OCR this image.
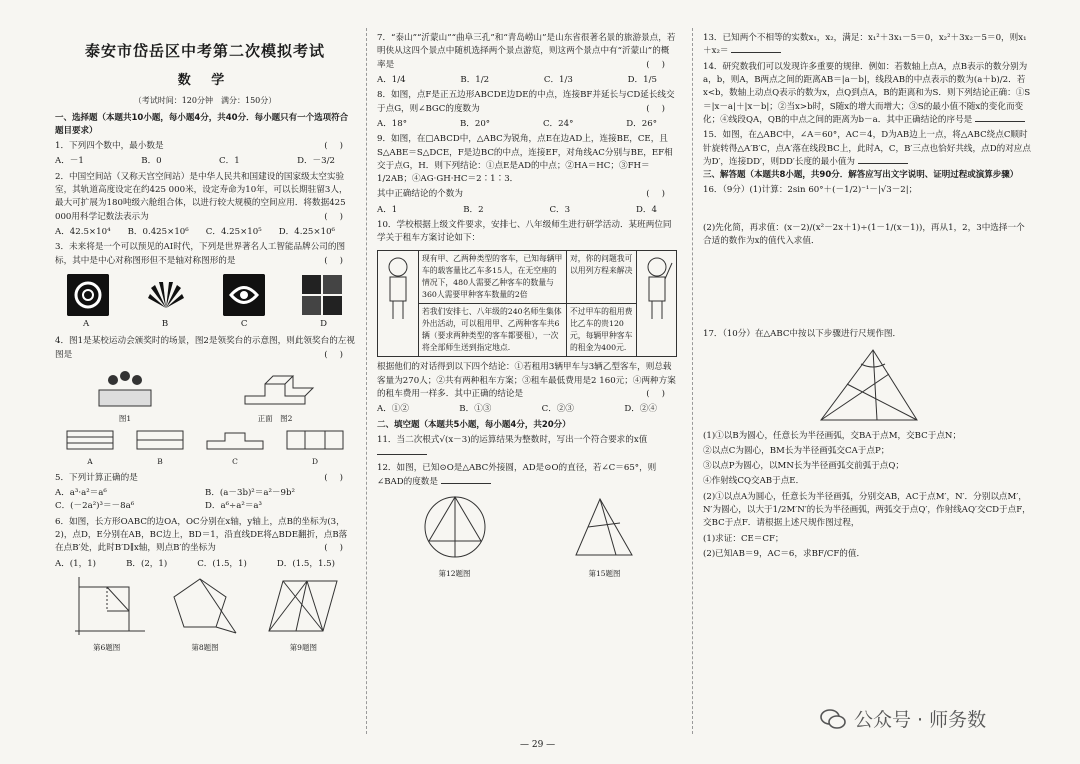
泰安市岱岳区中考第二次模拟考试
数 学
（考试时间：120分钟　满分：150分）
一、选择题（本题共10小题，每小题4分，共40分．每小题只有一个选项符合题目要求）
()
1．下列四个数中，最小数是
A．－1	B．0	C．1	D．－3/2
2．中国空间站（又称天宫空间站）是中华人民共和国建设的国家级太空实验室，其轨道高度设定在约425 000米，设定寿命为10年，可以长期驻留3人，最大可扩展为180吨级六舱组合体，以进行较大规模的空间应用．将数据425 000用科学记数法表示为	()
A．42.5×10⁴ B．0.425×10⁶ C．4.25×10⁵ D．4.25×10⁶
3．未来将是一个可以预见的AI时代，下列是世界著名人工智能品牌公司的图标，其中是中心对称图形但不是轴对称图形的是	()
A	B	C	D
4．图1是某校运动会颁奖时的场景，图2是领奖台的示意图，则此领奖台的左视图是	()
图1	正面　 图2
A	B	C	D
5．下列计算正确的是	()
A．a³·a²＝a⁶	B．(a－3b)²＝a²－9b²
C．(－2a²)³＝－8a⁶	D．a⁶÷a²＝a³
6．如图，长方形OABC的边OA，OC分别在x轴，y轴上，点B的坐标为(3，2)，点D，E分别在AB，BC边上，BD＝1，沿直线DE将△BDE翻折，点B落在点B′处，此时B′D∥x轴，则点B′的坐标为	()
A．(1，1)	B．(2，1)	C．(1.5，1)	D．(1.5，1.5)
第6题图	第8题图	第9题图
7．“泰山”“沂蒙山”“曲阜三孔”和“青岛崂山”是山东省很著名景的旅游景点，若明侠从这四个景点中随机选择两个景点游览，则这两个景点中有“沂蒙山”的概率是	()
A．1/4	B．1/2	C．1/3	D．1/5
8．如图，点F是正五边形ABCDE边DE的中点，连接BF并延长与CD延长线交于点G，则∠BGC的度数为	()
A．18°	B．20°	C．24°	D．26°
9．如图，在□ABCD中，△ABC为锐角，点E在边AD上，连接BE，CE，且S△ABE＝S△DCE，F是边BC的中点，连接EF，对角线AC分别与BE，EF相交于点G，H．则下列结论：①点E是AD的中点；②HA＝HC；③FH＝1/2AB；④AG·GH·HC＝2∶1∶3．
其中正确结论的个数为	()
A．1	B．2	C．3	D．4
10．学校根据上级文件要求，安排七、八年级师生进行研学活动．某班两位同学关于租车方案讨论如下：
现有甲、乙两种类型的客车，已知每辆甲车的载客量比乙车多15人，在无空座的情况下，480人需要乙种客车的数量与360人需要甲种客车数量的2倍
对，你的问题我可以用列方程来解决
若我们安排七、八年级的240名师生集体外出活动，可以租用甲、乙两种客车共6辆（要求两种类型的客车都要租），一次将全部师生送到指定地点．
不过甲车的租用费比乙车的贵120元，每辆甲种客车的租金为400元．
根据他们的对话得到以下四个结论：①若租用3辆甲车与3辆乙型客车，则总载客量为270人；②共有两种租车方案；③租车最低费用是2 160元；④两种方案的租车费用一样多．其中正确的结论是	()
A．①②	B．①③	C．②③	D．②④
二、填空题（本题共5小题，每小题4分，共20分）
11．当二次根式√(x－3)的运算结果为整数时，写出一个符合要求的x值
12．如图，已知⊙O是△ABC外接圆，AD是⊙O的直径，若∠C＝65°，则∠BAD的度数是
第12题图	第15题图
13．已知两个不相等的实数x₁，x₂，满足：x₁²＋3x₁－5＝0，x₂²＋3x₂－5＝0，则x₁＋x₂＝
14．研究数我们可以发现许多重要的规律．例如：若数轴上点A，点B表示的数分别为a，b，则A，B两点之间的距离AB＝|a－b|，线段AB的中点表示的数为(a＋b)/2．若x<b，数轴上动点Q表示的数为x，点Q到点A，B的距离和为S．则下列结论正确：①S＝|x－a|＋|x－b|；②当x>b时，S随x的增大而增大；③S的最小值不随x的变化而变化；④线段QA，QB的中点之间的距离为b－a．其中正确结论的序号是
15．如图，在△ABC中，∠A＝60°，AC＝4，D为AB边上一点，将△ABC绕点C顺时针旋转得△A′B′C，点A′落在线段BC上，此时A，C，B′三点也恰好共线，点D的对应点为D′，连接DD′，则DD′长度的最小值为
三、解答题（本题共8小题，共90分．解答应写出文字说明、证明过程或演算步骤）
16．（9分）(1)计算：2sin 60°＋(－1/2)⁻¹－|√3－2|；
(2)先化简，再求值：(x－2)/(x²－2x＋1)÷(1－1/(x－1))，再从1，2，3中选择一个合适的数作为x的值代入求值．
17．（10分）在△ABC中按以下步骤进行尺规作图．
(1)①以B为圆心，任意长为半径画弧，交BA于点M，交BC于点N；
②以点C为圆心，BM长为半径画弧交CA于点P；
③以点P为圆心，以MN长为半径画弧交前弧于点Q；
④作射线CQ交AB于点E．
(2)①以点A为圆心，任意长为半径画弧，分别交AB，AC于点M′，N′．分别以点M′，N′为圆心，以大于1/2M′N′的长为半径画弧，两弧交于点Q′，作射线AQ′交CD于点F，交BC于点F．请根据上述尺规作图过程，
(1)求证：CE＝CF；
(2)已知AB＝9，AC＝6，求BF/CF的值．
— 29 —
公众号 · 师务数
